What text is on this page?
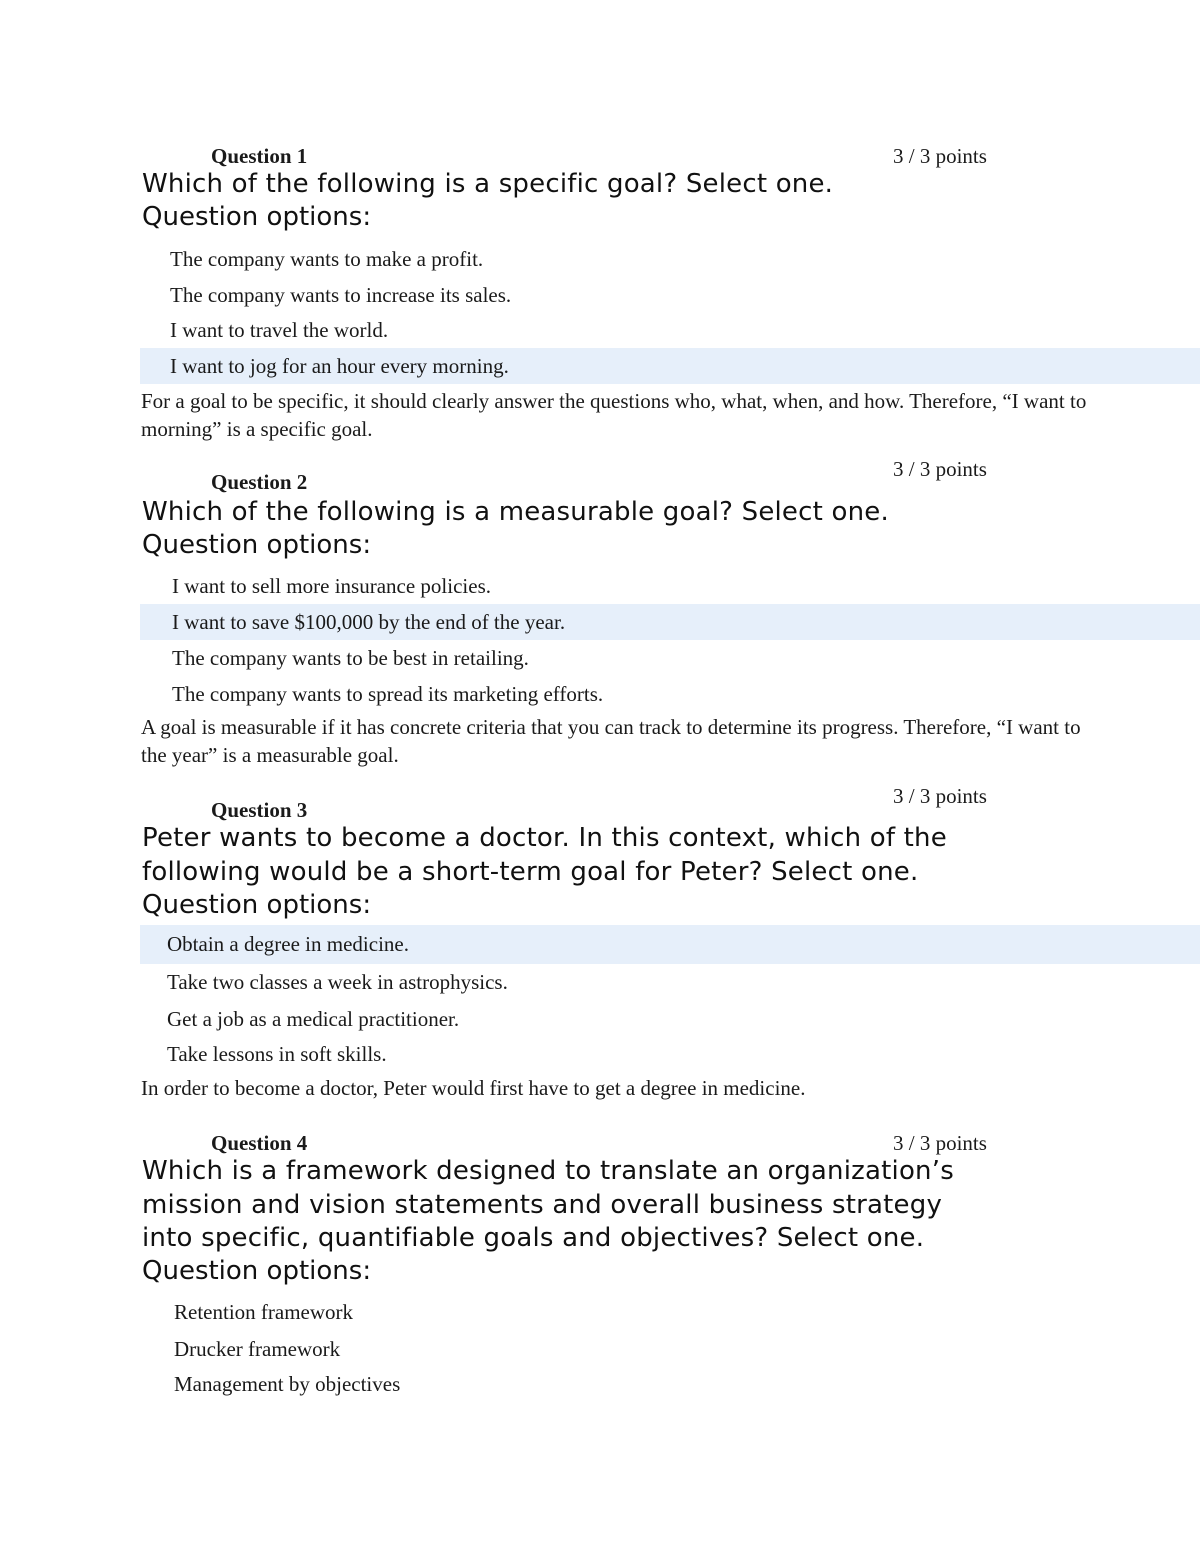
Question 1	3 / 3 points
Which of the following is a specific goal? Select one.
Question options:
The company wants to make a profit.
The company wants to increase its sales.
I want to travel the world.
I want to jog for an hour every morning.
For a goal to be specific, it should clearly answer the questions who, what, when, and how. Therefore, “I want to
morning” is a specific goal.
Question 2
3 / 3 points
Which of the following is a measurable goal? Select one.
Question options:
I want to sell more insurance policies.
I want to save $100,000 by the end of the year.
The company wants to be best in retailing.
The company wants to spread its marketing efforts.
A goal is measurable if it has concrete criteria that you can track to determine its progress. Therefore, “I want to
the year” is a measurable goal.
Question 3
3 / 3 points
Peter wants to become a doctor. In this context, which of the
following would be a short-term goal for Peter? Select one.
Question options:
Obtain a degree in medicine.
Take two classes a week in astrophysics.
Get a job as a medical practitioner.
Take lessons in soft skills.
In order to become a doctor, Peter would first have to get a degree in medicine.
Question 4	3 / 3 points
Which is a framework designed to translate an organization’s
mission and vision statements and overall business strategy
into specific, quantifiable goals and objectives? Select one.
Question options:
Retention framework
Drucker framework
Management by objectives
